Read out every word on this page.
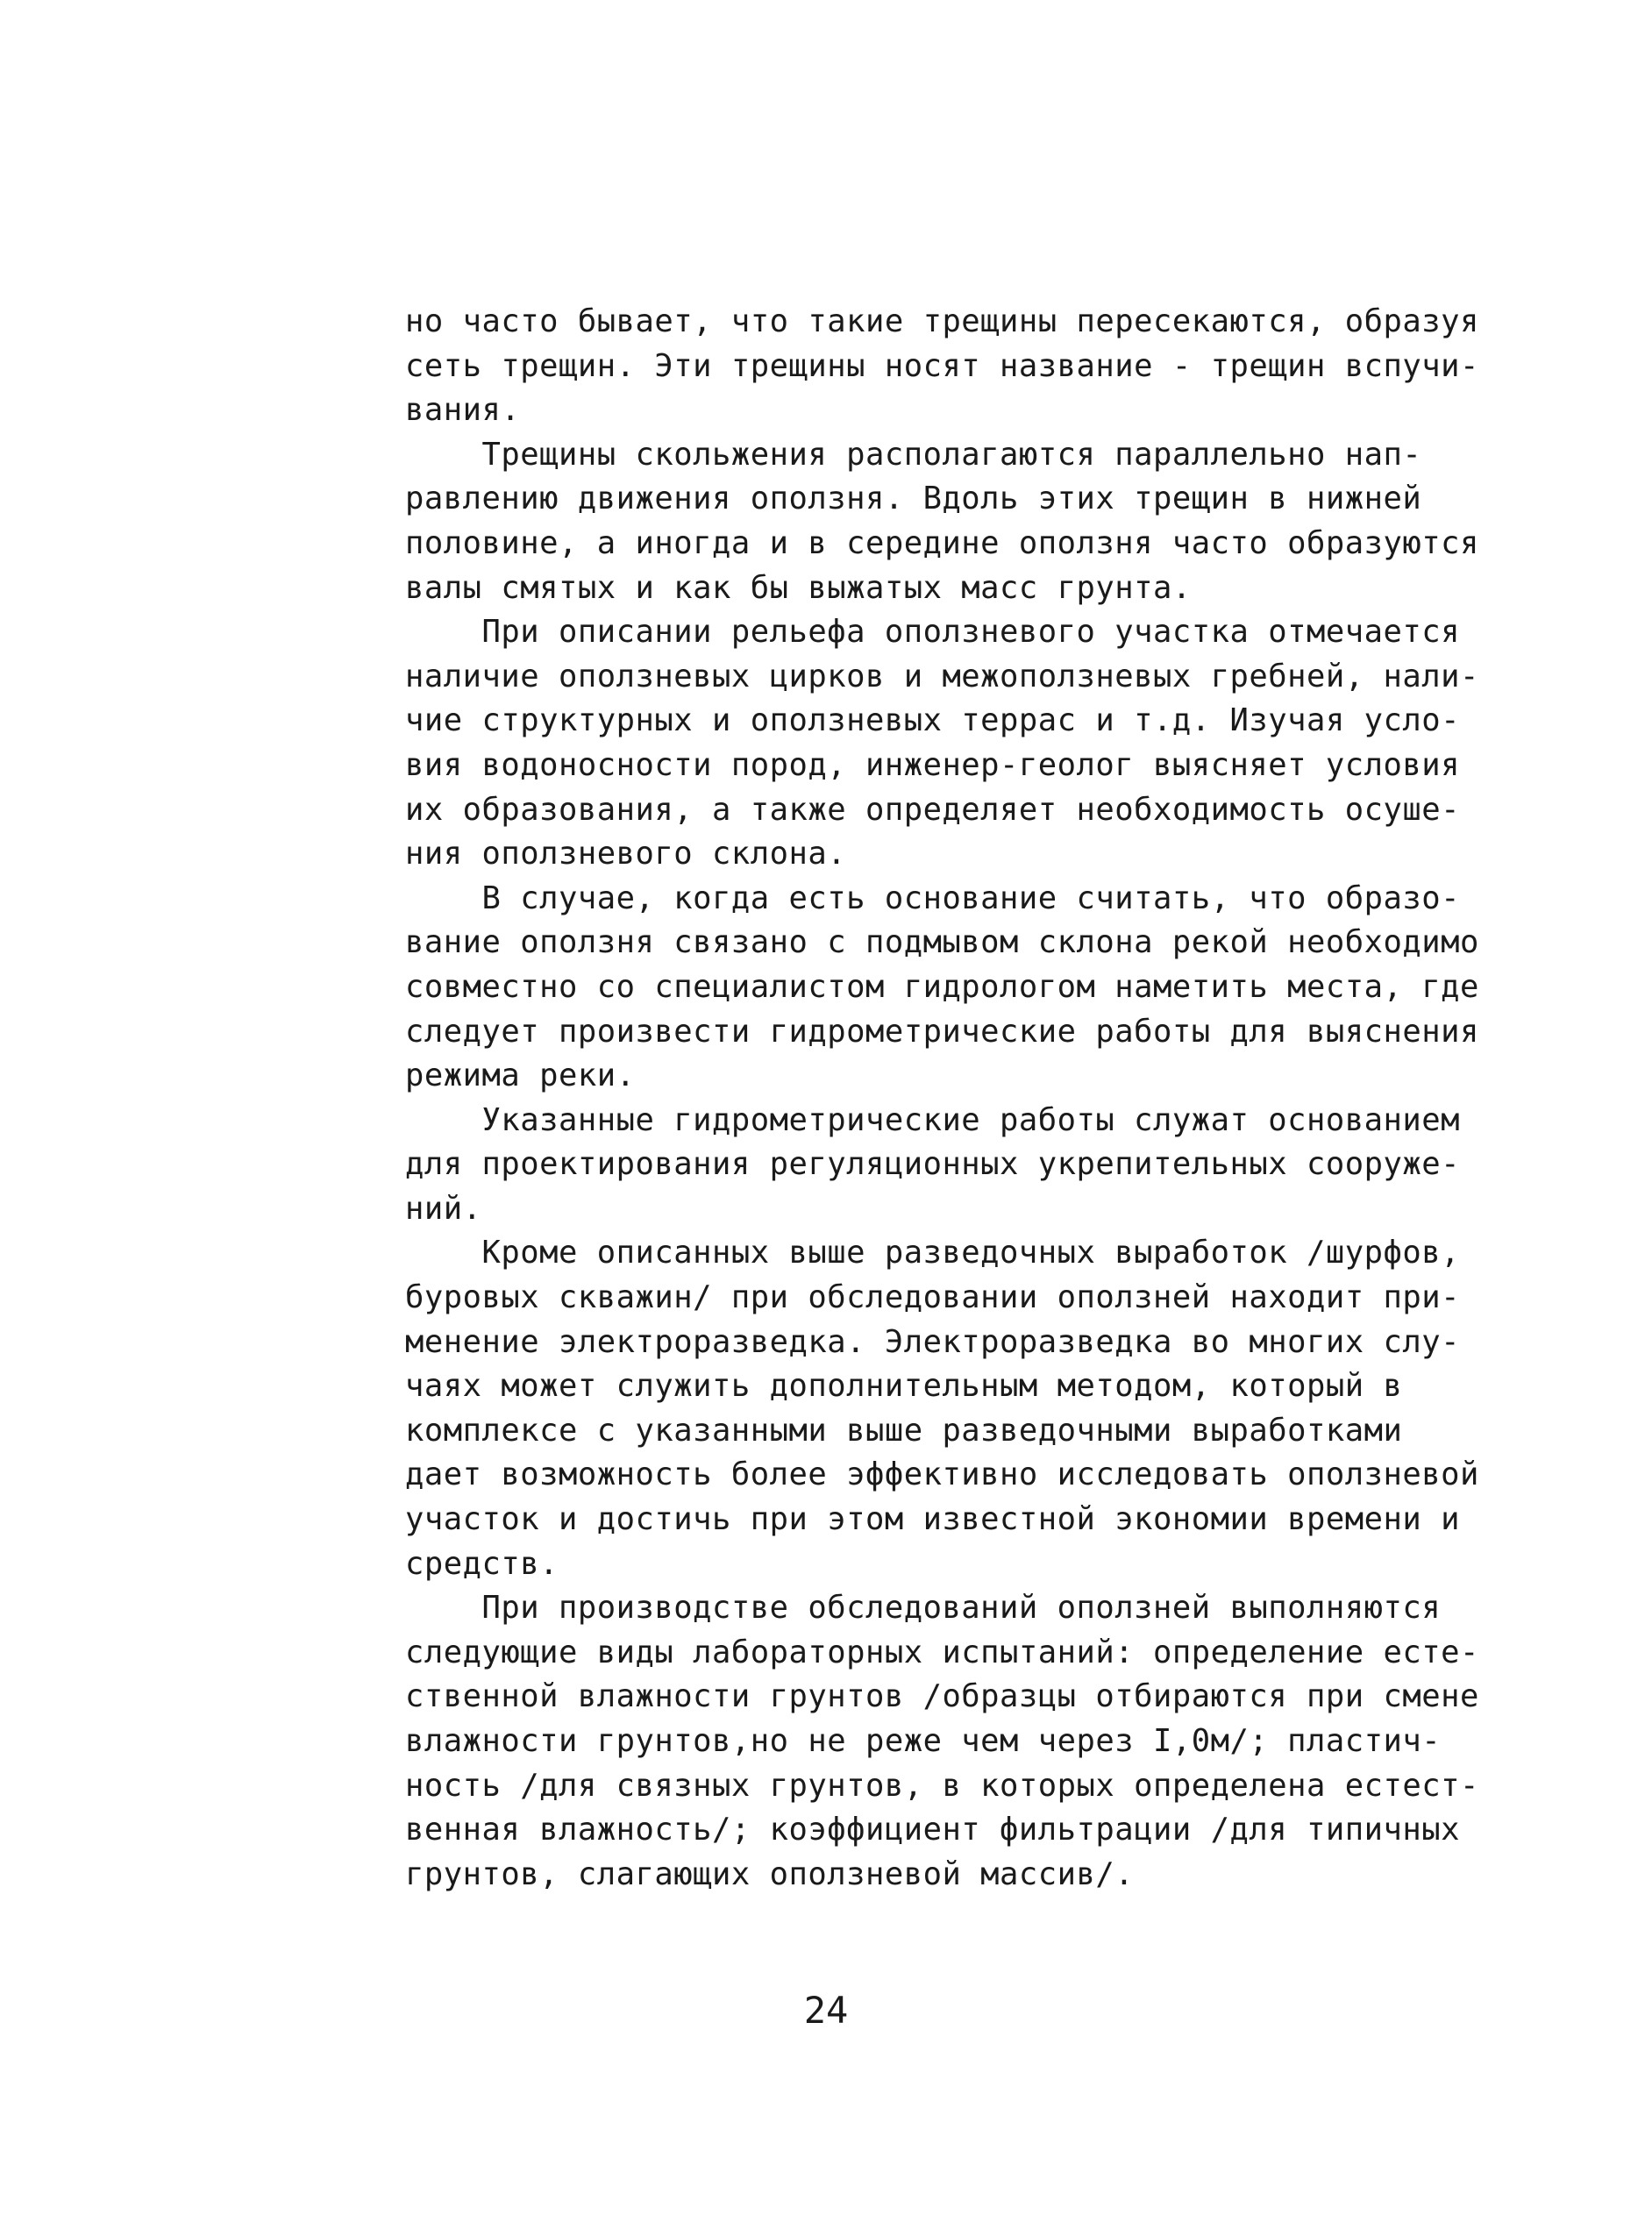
но часто бывает, что такие трещины пересекаются, образуя
сеть трещин. Эти трещины носят название - трещин вспучи-
вания.
Трещины скольжения располагаются параллельно нап-
равлению движения оползня. Вдоль этих трещин в нижней
половине, а иногда и в середине оползня часто образуются
валы смятых и как бы выжатых масс грунта.
При описании рельефа оползневого участка отмечается
наличие оползневых цирков и межоползневых гребней, нали-
чие структурных и оползневых террас и т.д. Изучая усло-
вия водоносности пород, инженер-геолог выясняет условия
их образования, а также определяет необходимость осуше-
ния оползневого склона.
В случае, когда есть основание считать, что образо-
вание оползня связано с подмывом склона рекой необходимо
совместно со специалистом гидрологом наметить места, где
следует произвести гидрометрические работы для выяснения
режима реки.
Указанные гидрометрические работы служат основанием
для проектирования регуляционных укрепительных сооруже-
ний.
Кроме описанных выше разведочных выработок /шурфов,
буровых скважин/ при обследовании оползней находит при-
менение электроразведка. Электроразведка во многих слу-
чаях может служить дополнительным методом, который в
комплексе с указанными выше разведочными выработками
дает возможность более эффективно исследовать оползневой
участок и достичь при этом известной экономии времени и
средств.
При производстве обследований оползней выполняются
следующие виды лабораторных испытаний: определение есте-
ственной влажности грунтов /образцы отбираются при смене
влажности грунтов,но не реже чем через I,0м/; пластич-
ность /для связных грунтов, в которых определена естест-
венная влажность/; коэффициент фильтрации /для типичных
грунтов, слагающих оползневой массив/.
24
